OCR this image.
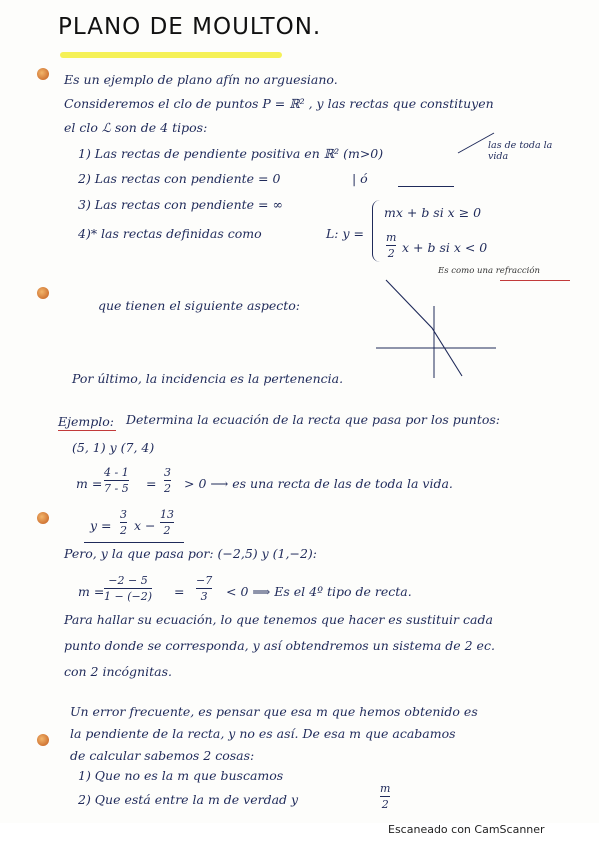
PLANO DE MOULTON.
Es un ejemplo de plano afín no arguesiano.
Consideremos el clo de puntos P = ℝ² , y las rectas que constituyen
el clo ℒ son de 4 tipos:
1) Las rectas de pendiente positiva en ℝ² (m>0)
las de toda la vida
2) Las rectas con pendiente = 0	| ó
3) Las rectas con pendiente = ∞
4)* las rectas definidas como	L: y =
mx + b si x ≥ 0
m
2 x + b si x < 0
Es como una refracción
que tienen el siguiente aspecto:
Por último, la incidencia es la pertenencia.
Ejemplo: Determina la ecuación de la recta que pasa por los puntos:
(5, 1) y (7, 4)
m =
4 - 1
7 - 5 =
3
2 > 0 ⟶ es una recta de las de toda la vida.
y =
3
2 x −
13
2
Pero, y la que pasa por: (−2,5) y (1,−2):
m =
−2 − 5
1 − (−2) =
−7
3 < 0 ⟹ Es el 4º tipo de recta.
Para hallar su ecuación, lo que tenemos que hacer es sustituir cada
punto donde se corresponda, y así obtendremos un sistema de 2 ec.
con 2 incógnitas.
Un error frecuente, es pensar que esa m que hemos obtenido es
la pendiente de la recta, y no es así. De esa m que acabamos
de calcular sabemos 2 cosas:
1) Que no es la m que buscamos
2) Que está entre la m de verdad y
m
2
Escaneado con CamScanner
